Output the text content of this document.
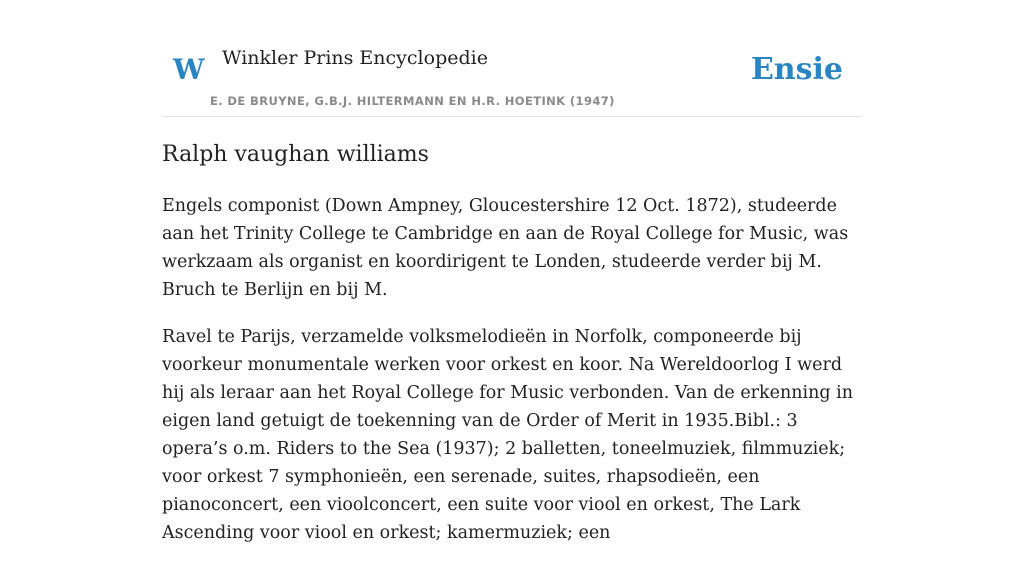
W Winkler Prins Encyclopedie
E. DE BRUYNE, G.B.J. HILTERMANN EN H.R. HOETINK (1947)
Ensie
Ralph vaughan williams

Engels componist (Down Ampney, Gloucestershire 12 Oct. 1872), studeerde aan het Trinity College te Cambridge en aan de Royal College for Music, was werkzaam als organist en koordirigent te Londen, studeerde verder bij M. Bruch te Berlijn en bij M.

Ravel te Parijs, verzamelde volksmelodieën in Norfolk, componeerde bij voorkeur monumentale werken voor orkest en koor. Na Wereldoorlog I werd hij als leraar aan het Royal College for Music verbonden. Van de erkenning in eigen land getuigt de toekenning van de Order of Merit in 1935.Bibl.: 3 opera’s o.m. Riders to the Sea (1937); 2 balletten, toneelmuziek, filmmuziek; voor orkest 7 symphonieën, een serenade, suites, rhapsodieën, een pianoconcert, een vioolconcert, een suite voor viool en orkest, The Lark Ascending voor viool en orkest; kamermuziek; een
